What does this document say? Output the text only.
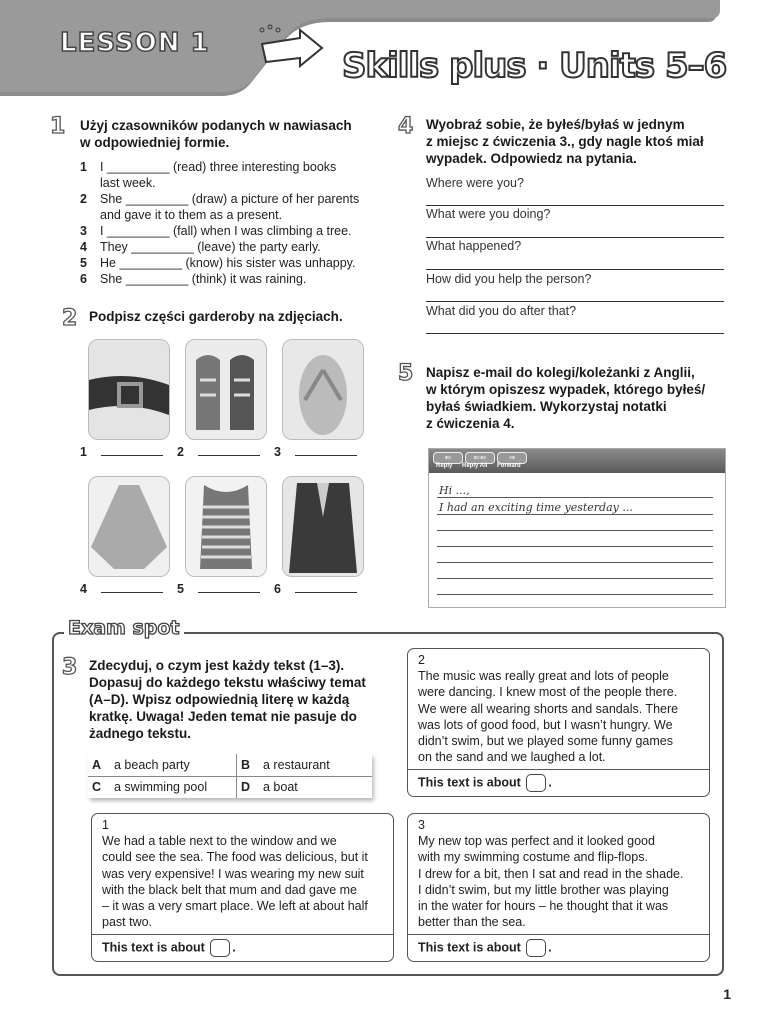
LESSON 1
Skills plus · Units 5–6
1 Użyj czasowników podanych w nawiasach
w odpowiedniej formie.
1 I _________ (read) three interesting books
last week.
2 She _________ (draw) a picture of her parents
and gave it to them as a present.
3 I _________ (fall) when I was climbing a tree.
4 They _________ (leave) the party early.
5 He _________ (know) his sister was unhappy.
6 She _________ (think) it was raining.
2 Podpisz części garderoby na zdjęciach.
1	2	3
4	5	6
4 Wyobraź sobie, że byłeś/byłaś w jednym
z miejsc z ćwiczenia 3., gdy nagle ktoś miał
wypadek. Odpowiedz na pytania.
Where were you?
What were you doing?
What happened?
How did you help the person?
What did you do after that?
5 Napisz e-mail do kolegi/koleżanki z Anglii,
w którym opiszesz wypadek, którego byłeś/
byłaś świadkiem. Wykorzystaj notatki
z ćwiczenia 4.
⇐	⇐⇐	⇒
Reply Reply All Forward
Hi ...,
I had an exciting time yesterday ...
Exam spot
3 Zdecyduj, o czym jest każdy tekst (1–3).
Dopasuj do każdego tekstu właściwy temat
(A–D). Wpisz odpowiednią literę w każdą
kratkę. Uwaga! Jeden temat nie pasuje do
żadnego tekstu.
A	a beach party	B	a restaurant
C	a swimming pool	D	a boat
2
The music was really great and lots of people
were dancing. I knew most of the people there.
We were all wearing shorts and sandals. There
was lots of good food, but I wasn’t hungry. We
didn’t swim, but we played some funny games
on the sand and we laughed a lot.
This text is about .
1
We had a table next to the window and we
could see the sea. The food was delicious, but it
was very expensive! I was wearing my new suit
with the black belt that mum and dad gave me
– it was a very smart place. We left at about half
past two.
This text is about .
3
My new top was perfect and it looked good
with my swimming costume and flip-flops.
I drew for a bit, then I sat and read in the shade.
I didn’t swim, but my little brother was playing
in the water for hours – he thought that it was
better than the sea.
This text is about .
1
